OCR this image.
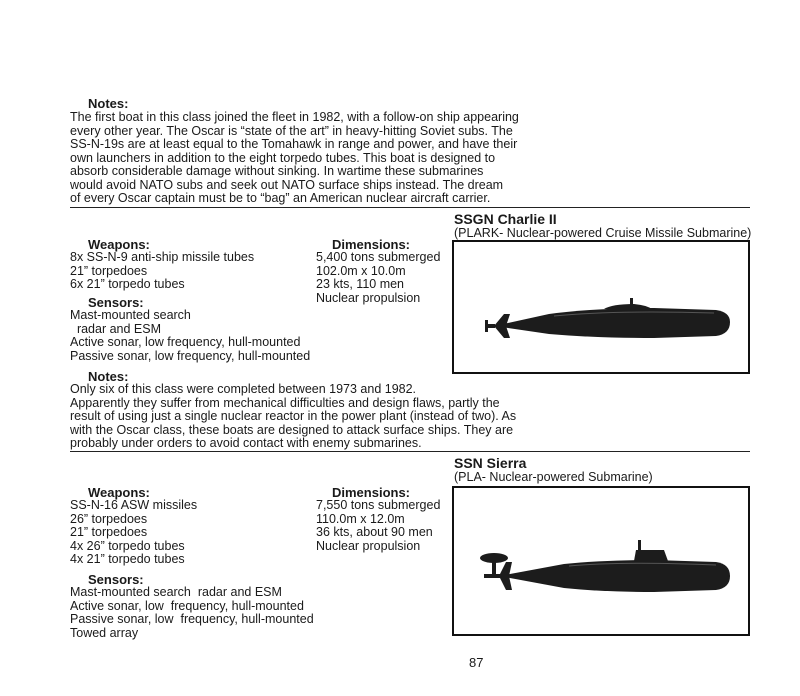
Notes:
The first boat in this class joined the fleet in 1982, with a follow-on ship appearing
every other year. The Oscar is “state of the art” in heavy-hitting Soviet subs. The
SS-N-19s are at least equal to the Tomahawk in range and power, and have their
own launchers in addition to the eight torpedo tubes. This boat is designed to
absorb considerable damage without sinking. In wartime these submarines
would avoid NATO subs and seek out NATO surface ships instead. The dream
of every Oscar captain must be to “bag” an American nuclear aircraft carrier.
SSGN Charlie II
(PLARK- Nuclear-powered Cruise Missile Submarine)
Weapons:
8x SS-N-9 anti-ship missile tubes
21” torpedoes
6x 21” torpedo tubes
Sensors:
Mast-mounted search
radar and ESM
Active sonar, low frequency, hull-mounted
Passive sonar, low frequency, hull-mounted
Dimensions:
5,400 tons submerged
102.0m x 10.0m
23 kts, 110 men
Nuclear propulsion
Notes:
Only six of this class were completed between 1973 and 1982.
Apparently they suffer from mechanical difficulties and design flaws, partly the
result of using just a single nuclear reactor in the power plant (instead of two). As
with the Oscar class, these boats are designed to attack surface ships. They are
probably under orders to avoid contact with enemy submarines.
SSN Sierra
(PLA- Nuclear-powered Submarine)
Weapons:
SS-N-16 ASW missiles
26” torpedoes
21” torpedoes
4x 26” torpedo tubes
4x 21” torpedo tubes
Sensors:
Mast-mounted search  radar and ESM
Active sonar, low  frequency, hull-mounted
Passive sonar, low  frequency, hull-mounted
Towed array
Dimensions:
7,550 tons submerged
110.0m x 12.0m
36 kts, about 90 men
Nuclear propulsion
87
